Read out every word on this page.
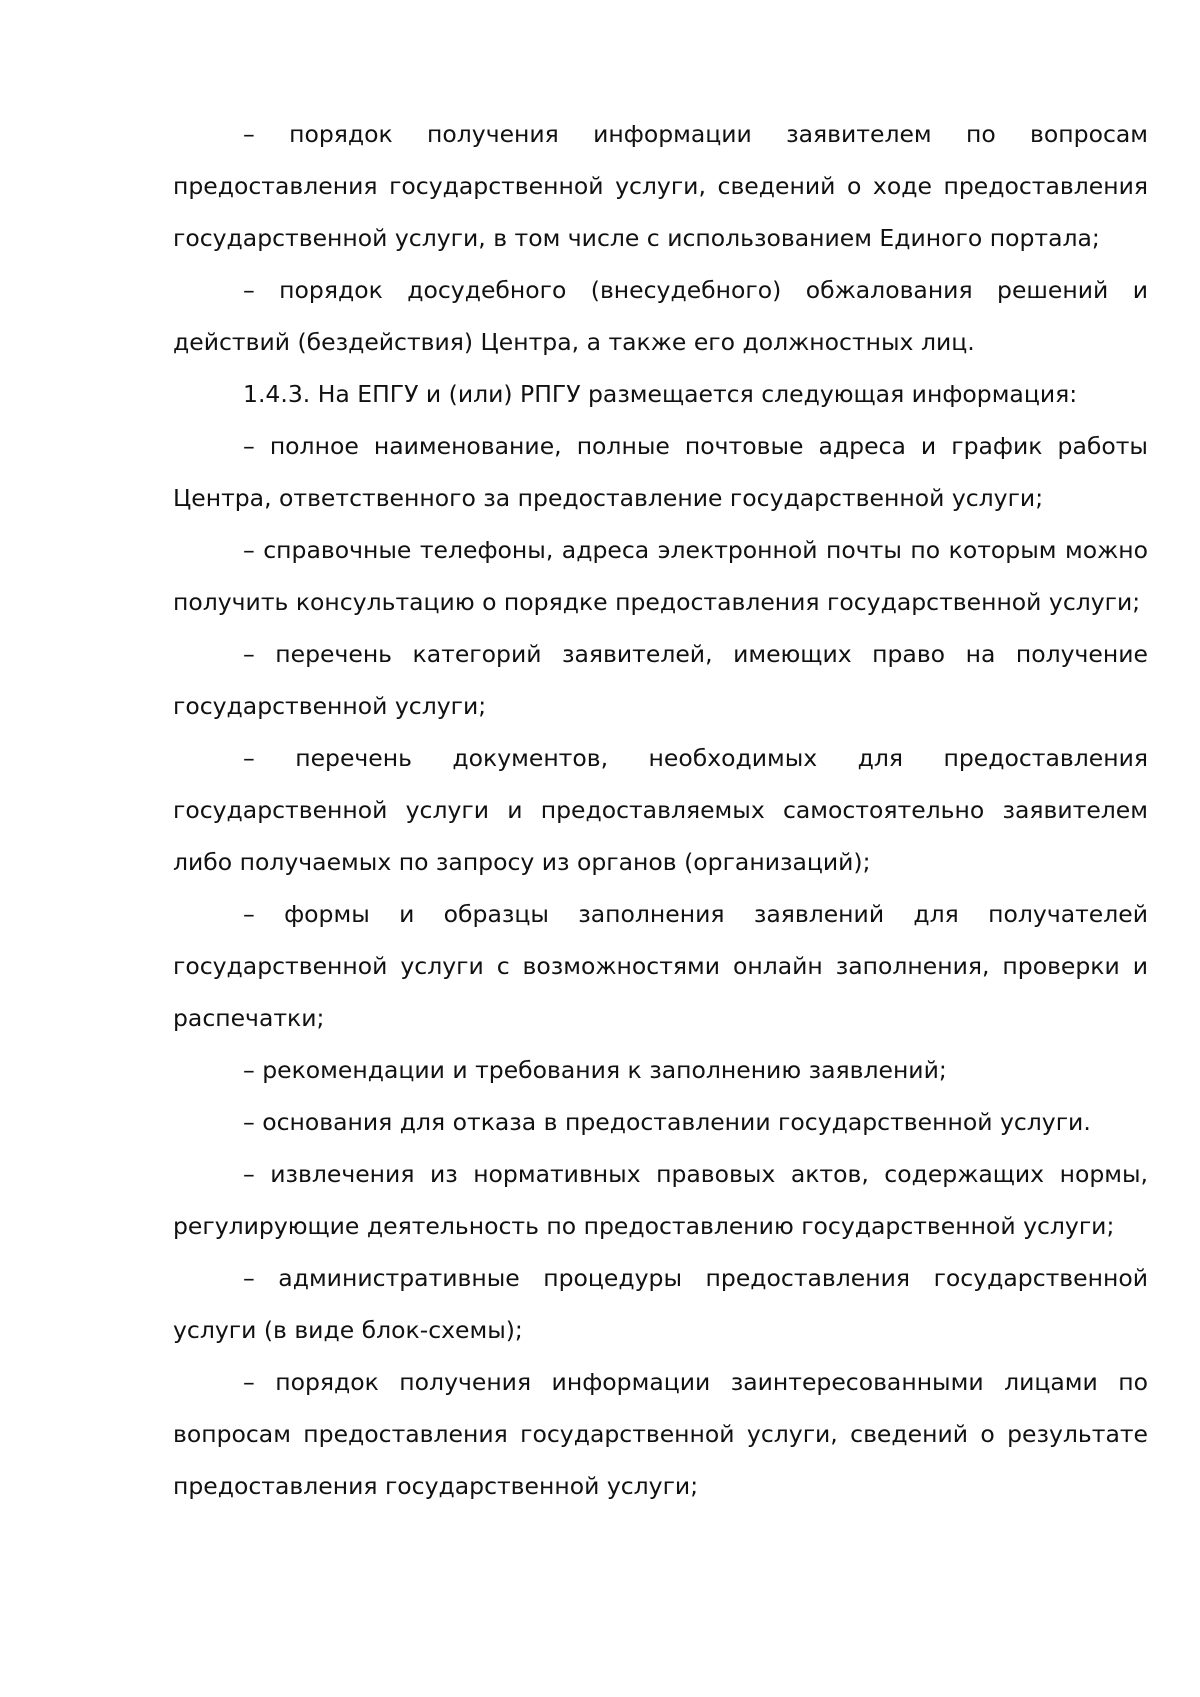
– порядок получения информации заявителем по вопросам предоставления государственной услуги, сведений о ходе предоставления государственной услуги, в том числе с использованием Единого портала;

– порядок досудебного (внесудебного) обжалования решений и действий (бездействия) Центра, а также его должностных лиц.

1.4.3. На ЕПГУ и (или) РПГУ размещается следующая информация:

– полное наименование, полные почтовые адреса и график работы Центра, ответственного за предоставление государственной услуги;

– справочные телефоны, адреса электронной почты по которым можно получить консультацию о порядке предоставления государственной услуги;

– перечень категорий заявителей, имеющих право на получение государственной услуги;

– перечень документов, необходимых для предоставления государственной услуги и предоставляемых самостоятельно заявителем либо получаемых по запросу из органов (организаций);

– формы и образцы заполнения заявлений для получателей государственной услуги с возможностями онлайн заполнения, проверки и распечатки;

– рекомендации и требования к заполнению заявлений;

– основания для отказа в предоставлении государственной услуги.

– извлечения из нормативных правовых актов, содержащих нормы, регулирующие деятельность по предоставлению государственной услуги;

– административные процедуры предоставления государственной услуги (в виде блок-схемы);

– порядок получения информации заинтересованными лицами по вопросам предоставления государственной услуги, сведений о результате предоставления государственной услуги;
